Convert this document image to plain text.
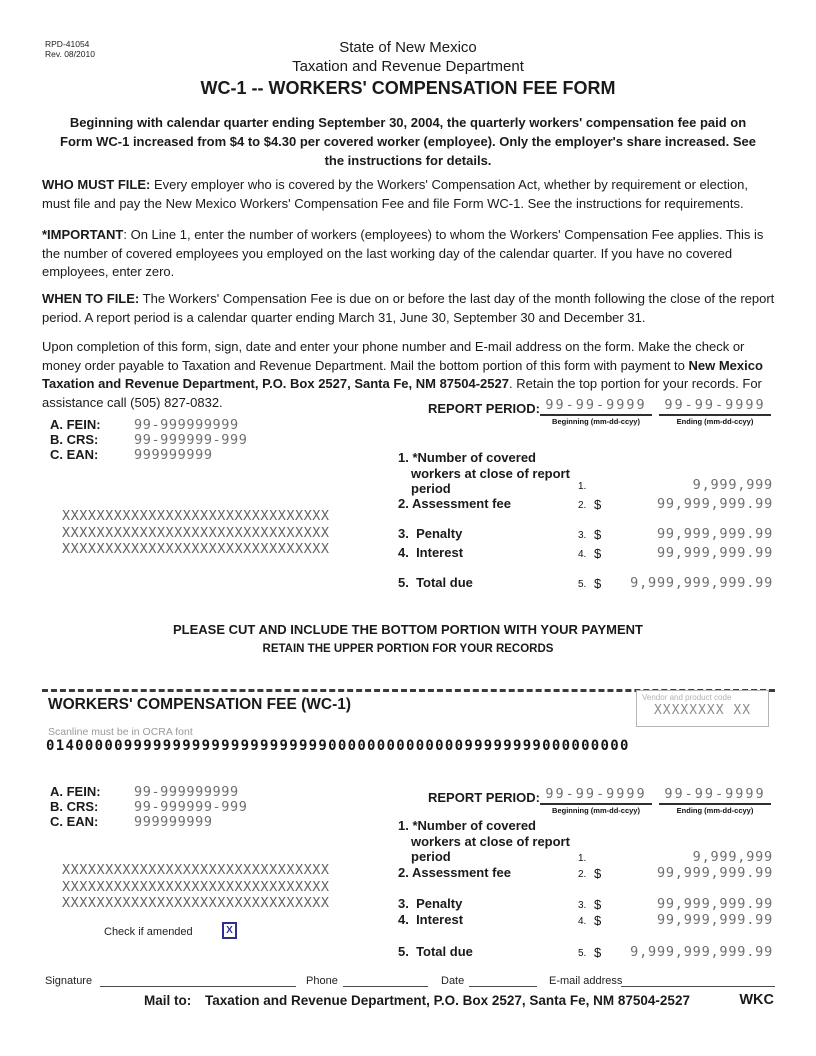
RPD-41054
Rev. 08/2010	State of New Mexico
Taxation and Revenue Department
WC-1 -- WORKERS' COMPENSATION FEE FORM
Beginning with calendar quarter ending September 30, 2004, the quarterly workers' compensation fee paid on Form WC-1 increased from $4 to $4.30 per covered worker (employee). Only the employer's share increased. See the instructions for details.
WHO MUST FILE: Every employer who is covered by the Workers' Compensation Act, whether by requirement or election, must file and pay the New Mexico Workers' Compensation Fee and file Form WC-1. See the instructions for requirements.
*IMPORTANT: On Line 1, enter the number of workers (employees) to whom the Workers' Compensation Fee applies. This is the number of covered employees you employed on the last working day of the calendar quarter. If you have no covered employees, enter zero.
WHEN TO FILE: The Workers' Compensation Fee is due on or before the last day of the month following the close of the report period. A report period is a calendar quarter ending March 31, June 30, September 30 and December 31.
Upon completion of this form, sign, date and enter your phone number and E-mail address on the form. Make the check or money order payable to Taxation and Revenue Department. Mail the bottom portion of this form with payment to New Mexico Taxation and Revenue Department, P.O. Box 2527, Santa Fe, NM 87504-2527. Retain the top portion for your records. For assistance call (505) 827-0832.	REPORT PERIOD: 99-99-9999
Beginning (mm-dd-ccyy)
99-99-9999
Ending (mm-dd-ccyy)
A. FEIN: 99-999999999
B. CRS:	99-999999-999
C. EAN:	999999999
XXXXXXXXXXXXXXXXXXXXXXXXXXXXXXX
XXXXXXXXXXXXXXXXXXXXXXXXXXXXXXX
XXXXXXXXXXXXXXXXXXXXXXXXXXXXXXX
1. *Number of covered workers at close of report period	1.	9,999,999
2. Assessment fee	2. $	99,999,999.99
3.  Penalty	3. $	99,999,999.99
4.  Interest	4. $	99,999,999.99
5.  Total due	5. $	9,999,999,999.99
PLEASE CUT AND INCLUDE THE BOTTOM PORTION WITH YOUR PAYMENT
RETAIN THE UPPER PORTION FOR YOUR RECORDS
WORKERS' COMPENSATION FEE (WC-1)	Vendor and product code
XXXXXXXX XX
Scanline must be in OCRA font
014000009999999999999999999990000000000000099999999000000000
A. FEIN: 99-999999999
B. CRS:	99-999999-999
C. EAN:	999999999
REPORT PERIOD: 99-99-9999
Beginning (mm-dd-ccyy)
99-99-9999
Ending (mm-dd-ccyy)
XXXXXXXXXXXXXXXXXXXXXXXXXXXXXXX
XXXXXXXXXXXXXXXXXXXXXXXXXXXXXXX
XXXXXXXXXXXXXXXXXXXXXXXXXXXXXXX
1. *Number of covered workers at close of report period	1.	9,999,999
2. Assessment fee	2. $	99,999,999.99
3.  Penalty	3. $	99,999,999.99
4.  Interest	4. $	99,999,999.99
5.  Total due	5. $	9,999,999,999.99
Check if amended	X
Signature	Phone	Date	E-mail address
Mail to: Taxation and Revenue Department, P.O. Box 2527, Santa Fe, NM 87504-2527	WKC
